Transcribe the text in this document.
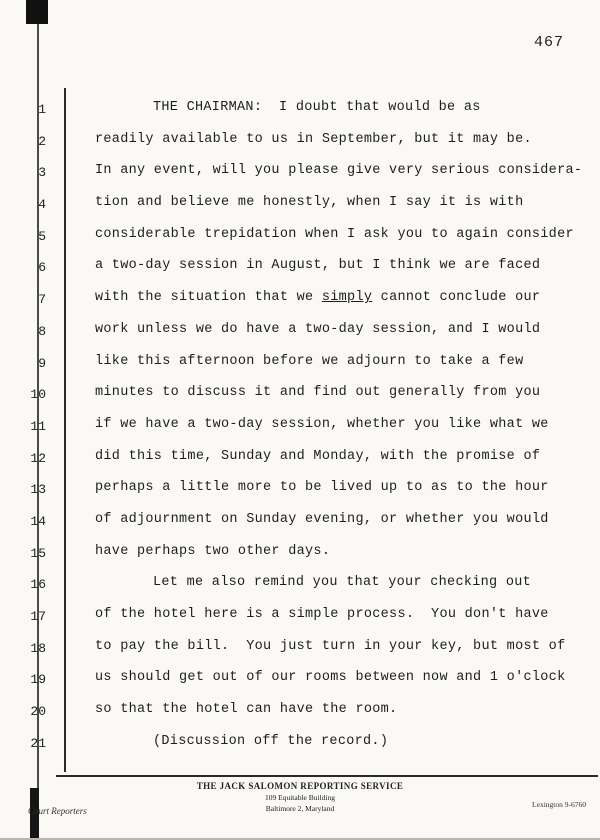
467
1	THE CHAIRMAN:  I doubt that would be as
2	readily available to us in September, but it may be.
3	In any event, will you please give very serious considera-
4	tion and believe me honestly, when I say it is with
5	considerable trepidation when I ask you to again consider
6	a two-day session in August, but I think we are faced
7	with the situation that we simply cannot conclude our
8	work unless we do have a two-day session, and I would
9	like this afternoon before we adjourn to take a few
10	minutes to discuss it and find out generally from you
11	if we have a two-day session, whether you like what we
12	did this time, Sunday and Monday, with the promise of
13	perhaps a little more to be lived up to as to the hour
14	of adjournment on Sunday evening, or whether you would
15	have perhaps two other days.
16	Let me also remind you that your checking out
17	of the hotel here is a simple process.  You don't have
18	to pay the bill.  You just turn in your key, but most of
19	us should get out of our rooms between now and 1 o'clock
20	so that the hotel can have the room.
21	(Discussion off the record.)
THE JACK SALOMON REPORTING SERVICE
109 Equitable Building
Baltimore 2, Maryland
Court Reporters
Lexington 9-6760
